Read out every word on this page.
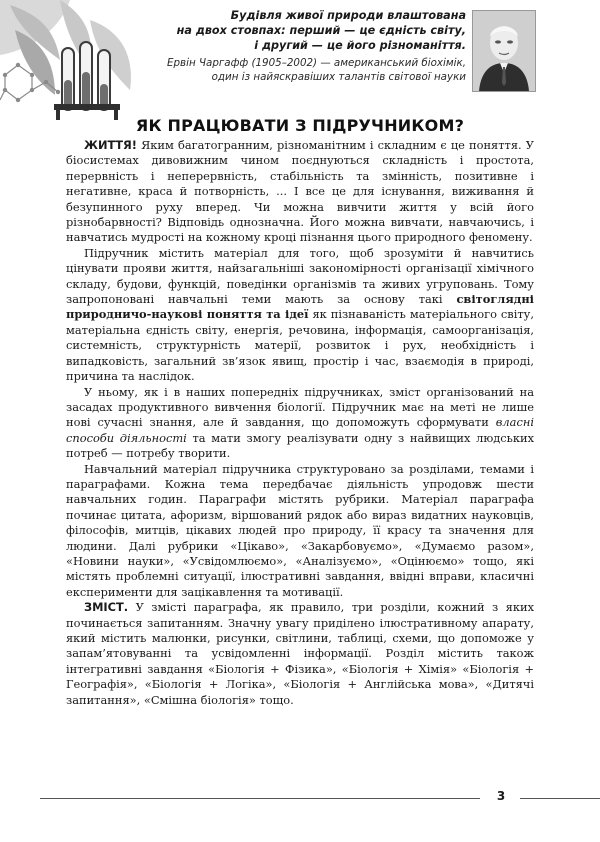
Будівля живої природи влаштована
на двох стовпах: перший — це єдність світу,
і другий — це його різноманіття.

Ервін Чаргафф (1905–2002) — американський біохімік,
один із найяскравіших талантів світової науки

ЯК ПРАЦЮВАТИ З ПІДРУЧНИКОМ?

ЖИТТЯ! Яким багатогранним, різноманітним і складним є це поняття. У біосистемах дивовижним чином поєднуються складність і простота, перервність і неперервність, стабільність та змінність, позитивне і негативне, краса й потворність, ... І все це для існування, виживання й безупинного руху вперед. Чи можна вивчити життя у всій його різнобарвності? Відповідь однозначна. Його можна вивчати, навчаючись, і навчатись мудрості на кожному кроці пізнання цього природного феномену.

Підручник містить матеріал для того, щоб зрозуміти й навчитись цінувати прояви життя, найзагальніші закономірності організації хімічного складу, будови, функцій, поведінки організмів та живих угруповань. Тому запропоновані навчальні теми мають за основу такі світоглядні природничо-наукові поняття та ідеї як пізнаваність матеріального світу, матеріальна єдність світу, енергія, речовина, інформація, самоорганізація, системність, структурність матерії, розвиток і рух, необхідність і випадковість, загальний зв’язок явищ, простір і час, взаємодія в природі, причина та наслідок.

У ньому, як і в наших попередніх підручниках, зміст організований на засадах продуктивного вивчення біології. Підручник має на меті не лише нові сучасні знання, але й завдання, що допоможуть сформувати власні способи діяльності та мати змогу реалізувати одну з найвищих людських потреб — потребу творити.

Навчальний матеріал підручника структуровано за розділами, темами і параграфами. Кожна тема передбачає діяльність упродовж шести навчальних годин. Параграфи містять рубрики. Матеріал параграфа починає цитата, афоризм, віршований рядок або вираз видатних науковців, філософів, митців, цікавих людей про природу, її красу та значення для людини. Далі рубрики «Цікаво», «Закарбовуємо», «Думаємо разом», «Новини науки», «Усвідомлюємо», «Аналізуємо», «Оцінюємо» тощо, які містять проблемні ситуації, ілюстративні завдання, ввідні вправи, класичні експерименти для зацікавлення та мотивації.

ЗМІСТ. У змісті параграфа, як правило, три розділи, кожний з яких починається запитанням. Значну увагу приділено ілюстративному апарату, який містить малюнки, рисунки, світлини, таблиці, схеми, що допоможе у запам’ятовуванні та усвідомленні інформації. Розділ містить також інтегративні завдання «Біологія + Фізика», «Біологія + Хімія» «Біологія + Географія», «Біологія + Логіка», «Біологія + Англійська мова», «Дитячі запитання», «Смішна біологія» тощо.

3
